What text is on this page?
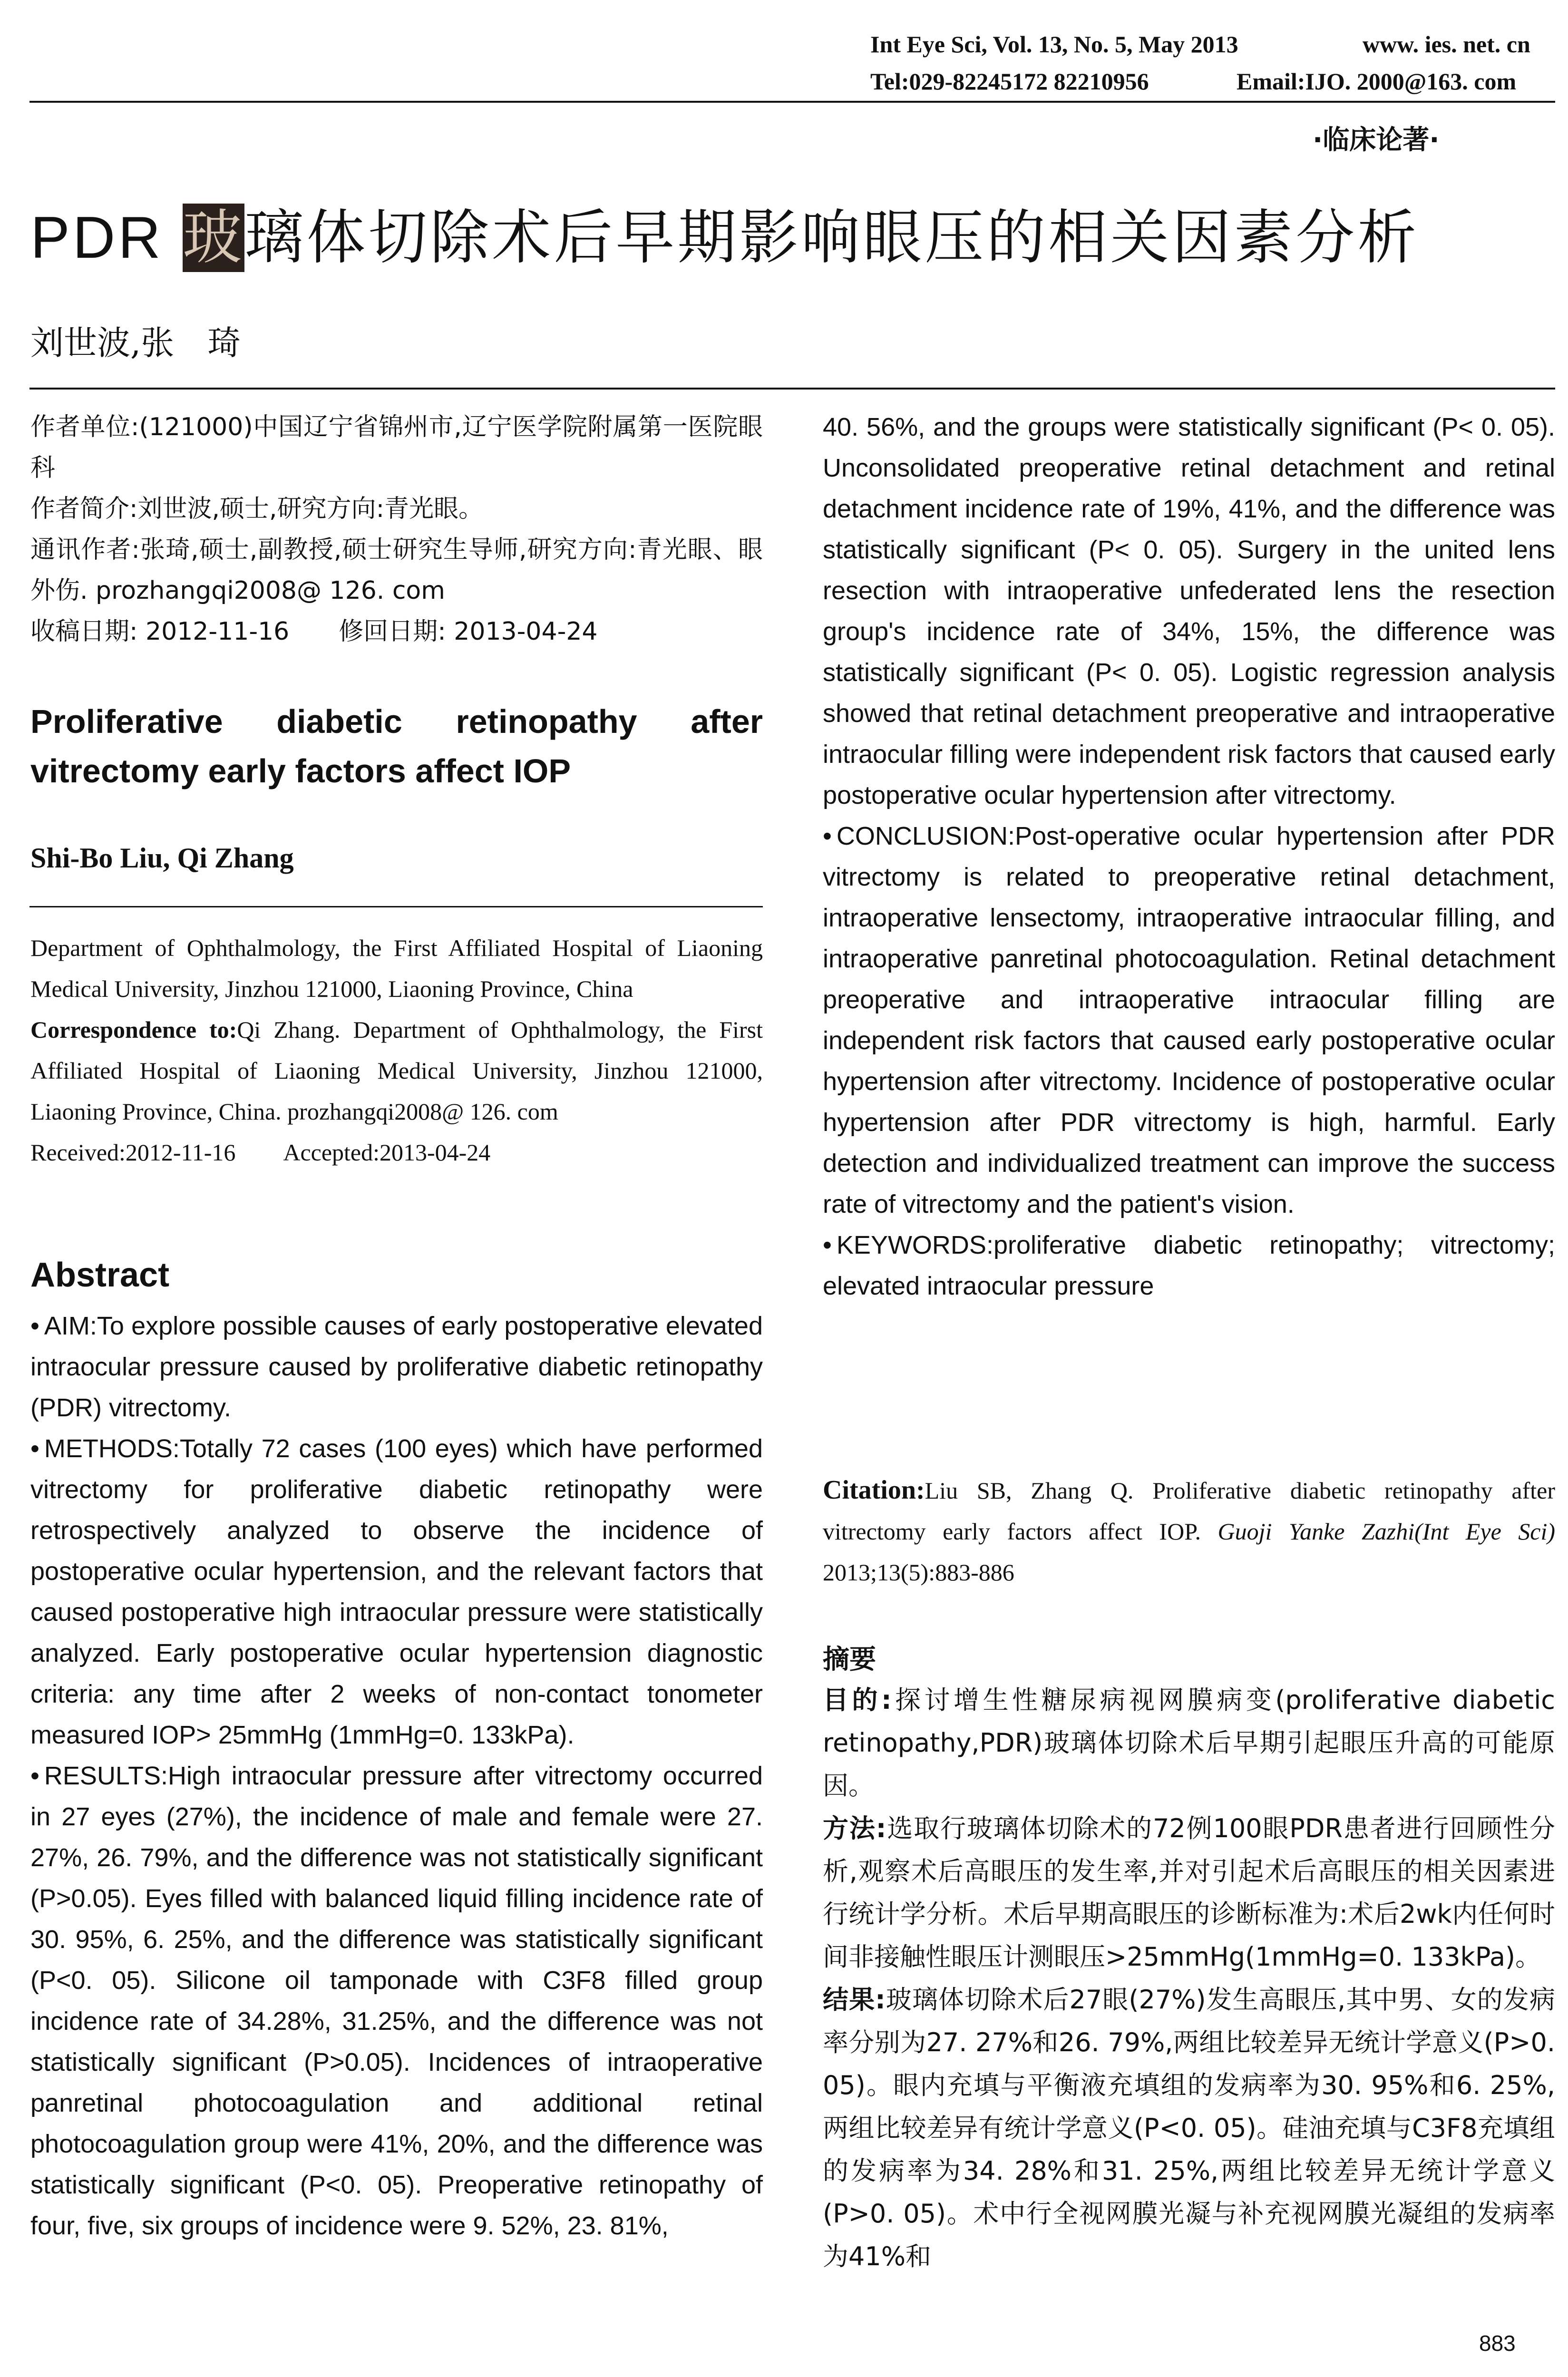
Int Eye Sci, Vol. 13, No. 5, May 2013	www. ies. net. cn
Tel:029-82245172 82210956	Email:IJO. 2000@163. com
·临床论著·
PDR 玻璃体切除术后早期影响眼压的相关因素分析
刘世波,张　琦

作者单位:(121000)中国辽宁省锦州市,辽宁医学院附属第一医院眼科

作者简介:刘世波,硕士,研究方向:青光眼。

通讯作者:张琦,硕士,副教授,硕士研究生导师,研究方向:青光眼、眼外伤. prozhangqi2008@ 126. com

收稿日期: 2012-11-16　　修回日期: 2013-04-24

Proliferative diabetic retinopathy after vitrectomy early factors affect IOP
Shi-Bo Liu, Qi Zhang

Department of Ophthalmology, the First Affiliated Hospital of Liaoning Medical University, Jinzhou 121000, Liaoning Province, China

Correspondence to:Qi Zhang. Department of Ophthalmology, the First Affiliated Hospital of Liaoning Medical University, Jinzhou 121000, Liaoning Province, China. prozhangqi2008@ 126. com

Received:2012-11-16　　Accepted:2013-04-24

Abstract

• AIM:To explore possible causes of early postoperative elevated intraocular pressure caused by proliferative diabetic retinopathy (PDR) vitrectomy.

• METHODS:Totally 72 cases (100 eyes) which have performed vitrectomy for proliferative diabetic retinopathy were retrospectively analyzed to observe the incidence of postoperative ocular hypertension, and the relevant factors that caused postoperative high intraocular pressure were statistically analyzed. Early postoperative ocular hypertension diagnostic criteria: any time after 2 weeks of non-contact tonometer measured IOP> 25mmHg (1mmHg=0. 133kPa).

• RESULTS:High intraocular pressure after vitrectomy occurred in 27 eyes (27%), the incidence of male and female were 27. 27%, 26. 79%, and the difference was not statistically significant (P>0.05). Eyes filled with balanced liquid filling incidence rate of 30. 95%, 6. 25%, and the difference was statistically significant (P<0. 05). Silicone oil tamponade with C3F8 filled group incidence rate of 34.28%, 31.25%, and the difference was not statistically significant (P>0.05). Incidences of intraoperative panretinal photocoagulation and additional retinal photocoagulation group were 41%, 20%, and the difference was statistically significant (P<0. 05). Preoperative retinopathy of four, five, six groups of incidence were 9. 52%, 23. 81%,

40. 56%, and the groups were statistically significant (P< 0. 05). Unconsolidated preoperative retinal detachment and retinal detachment incidence rate of 19%, 41%, and the difference was statistically significant (P< 0. 05). Surgery in the united lens resection with intraoperative unfederated lens the resection group's incidence rate of 34%, 15%, the difference was statistically significant (P< 0. 05). Logistic regression analysis showed that retinal detachment preoperative and intraoperative intraocular filling were independent risk factors that caused early postoperative ocular hypertension after vitrectomy.

• CONCLUSION:Post-operative ocular hypertension after PDR vitrectomy is related to preoperative retinal detachment, intraoperative lensectomy, intraoperative intraocular filling, and intraoperative panretinal photocoagulation. Retinal detachment preoperative and intraoperative intraocular filling are independent risk factors that caused early postoperative ocular hypertension after vitrectomy. Incidence of postoperative ocular hypertension after PDR vitrectomy is high, harmful. Early detection and individualized treatment can improve the success rate of vitrectomy and the patient's vision.

• KEYWORDS:proliferative diabetic retinopathy; vitrectomy; elevated intraocular pressure

Citation:Liu SB, Zhang Q. Proliferative diabetic retinopathy after vitrectomy early factors affect IOP. Guoji Yanke Zazhi(Int Eye Sci) 2013;13(5):883-886

摘要

目的:探讨增生性糖尿病视网膜病变(proliferative diabetic retinopathy,PDR)玻璃体切除术后早期引起眼压升高的可能原因。

方法:选取行玻璃体切除术的72例100眼PDR患者进行回顾性分析,观察术后高眼压的发生率,并对引起术后高眼压的相关因素进行统计学分析。术后早期高眼压的诊断标准为:术后2wk内任何时间非接触性眼压计测眼压>25mmHg(1mmHg=0. 133kPa)。

结果:玻璃体切除术后27眼(27%)发生高眼压,其中男、女的发病率分别为27. 27%和26. 79%,两组比较差异无统计学意义(P>0. 05)。眼内充填与平衡液充填组的发病率为30. 95%和6. 25%,两组比较差异有统计学意义(P<0. 05)。硅油充填与C3F8充填组的发病率为34. 28%和31. 25%,两组比较差异无统计学意义(P>0. 05)。术中行全视网膜光凝与补充视网膜光凝组的发病率为41%和

883
